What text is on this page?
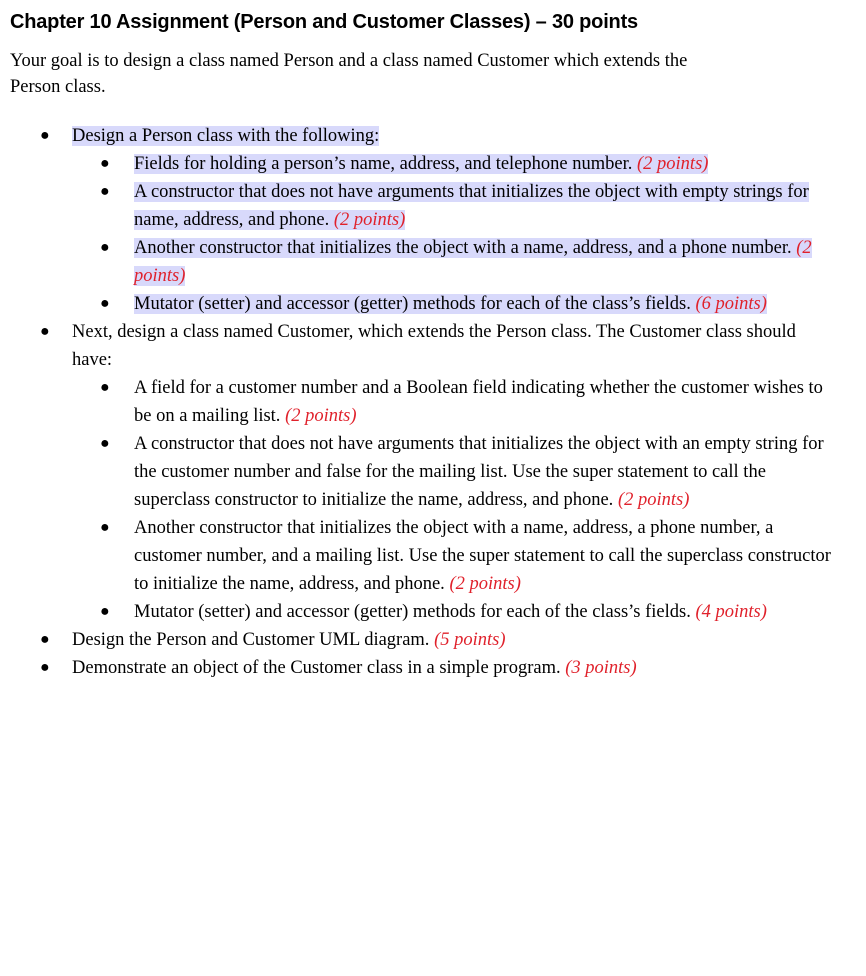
Chapter 10 Assignment (Person and Customer Classes) – 30 points

Your goal is to design a class named Person and a class named Customer which extends the Person class.

● Design a Person class with the following:
● Fields for holding a person’s name, address, and telephone number. (2 points)
● A constructor that does not have arguments that initializes the object with empty strings for name, address, and phone. (2 points)
● Another constructor that initializes the object with a name, address, and a phone number. (2 points)
● Mutator (setter) and accessor (getter) methods for each of the class’s fields. (6 points)
● Next, design a class named Customer, which extends the Person class. The Customer class should have:
● A field for a customer number and a Boolean field indicating whether the customer wishes to be on a mailing list. (2 points)
● A constructor that does not have arguments that initializes the object with an empty string for the customer number and false for the mailing list. Use the super statement to call the superclass constructor to initialize the name, address, and phone. (2 points)
● Another constructor that initializes the object with a name, address, a phone number, a customer number, and a mailing list. Use the super statement to call the superclass constructor to initialize the name, address, and phone. (2 points)
● Mutator (setter) and accessor (getter) methods for each of the class’s fields. (4 points)
● Design the Person and Customer UML diagram. (5 points)
● Demonstrate an object of the Customer class in a simple program. (3 points)
